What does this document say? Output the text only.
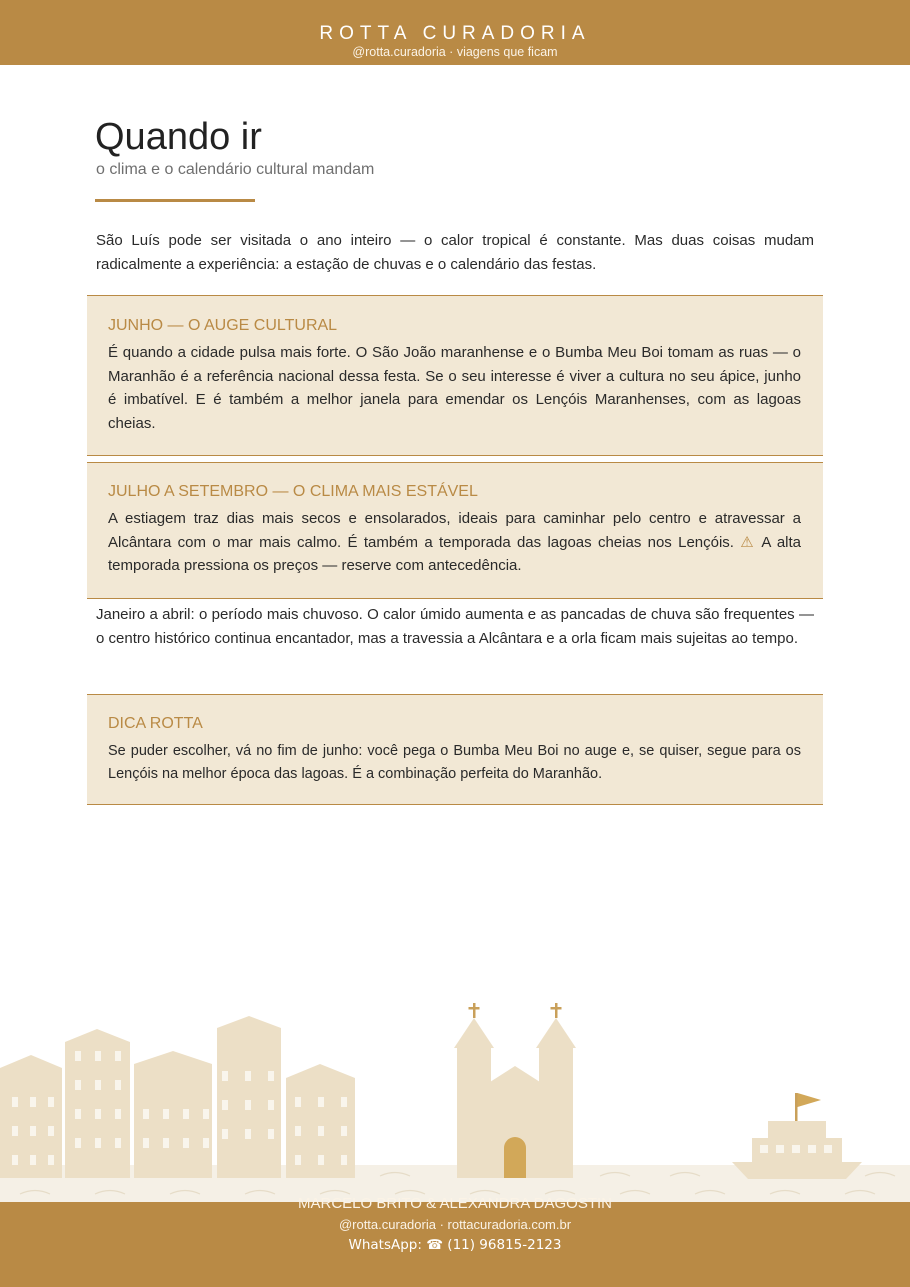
ROTTA CURADORIA
@rotta.curadoria · viagens que ficam
Quando ir
o clima e o calendário cultural mandam

São Luís pode ser visitada o ano inteiro — o calor tropical é constante. Mas duas coisas mudam radicalmente a experiência: a estação de chuvas e o calendário das festas.

JUNHO — O AUGE CULTURAL

É quando a cidade pulsa mais forte. O São João maranhense e o Bumba Meu Boi tomam as ruas — o Maranhão é a referência nacional dessa festa. Se o seu interesse é viver a cultura no seu ápice, junho é imbatível. E é também a melhor janela para emendar os Lençóis Maranhenses, com as lagoas cheias.

JULHO A SETEMBRO — O CLIMA MAIS ESTÁVEL

A estiagem traz dias mais secos e ensolarados, ideais para caminhar pelo centro e atravessar a Alcântara com o mar mais calmo. É também a temporada das lagoas cheias nos Lençóis. ⚠ A alta temporada pressiona os preços — reserve com antecedência.

Janeiro a abril: o período mais chuvoso. O calor úmido aumenta e as pancadas de chuva são frequentes — o centro histórico continua encantador, mas a travessia a Alcântara e a orla ficam mais sujeitas ao tempo.

DICA ROTTA

Se puder escolher, vá no fim de junho: você pega o Bumba Meu Boi no auge e, se quiser, segue para os Lençóis na melhor época das lagoas. É a combinação perfeita do Maranhão.

MARCELO BRITO & ALEXANDRA DAGOSTIN
@rotta.curadoria · rottacuradoria.com.br
WhatsApp: ☎ (11) 96815-2123
